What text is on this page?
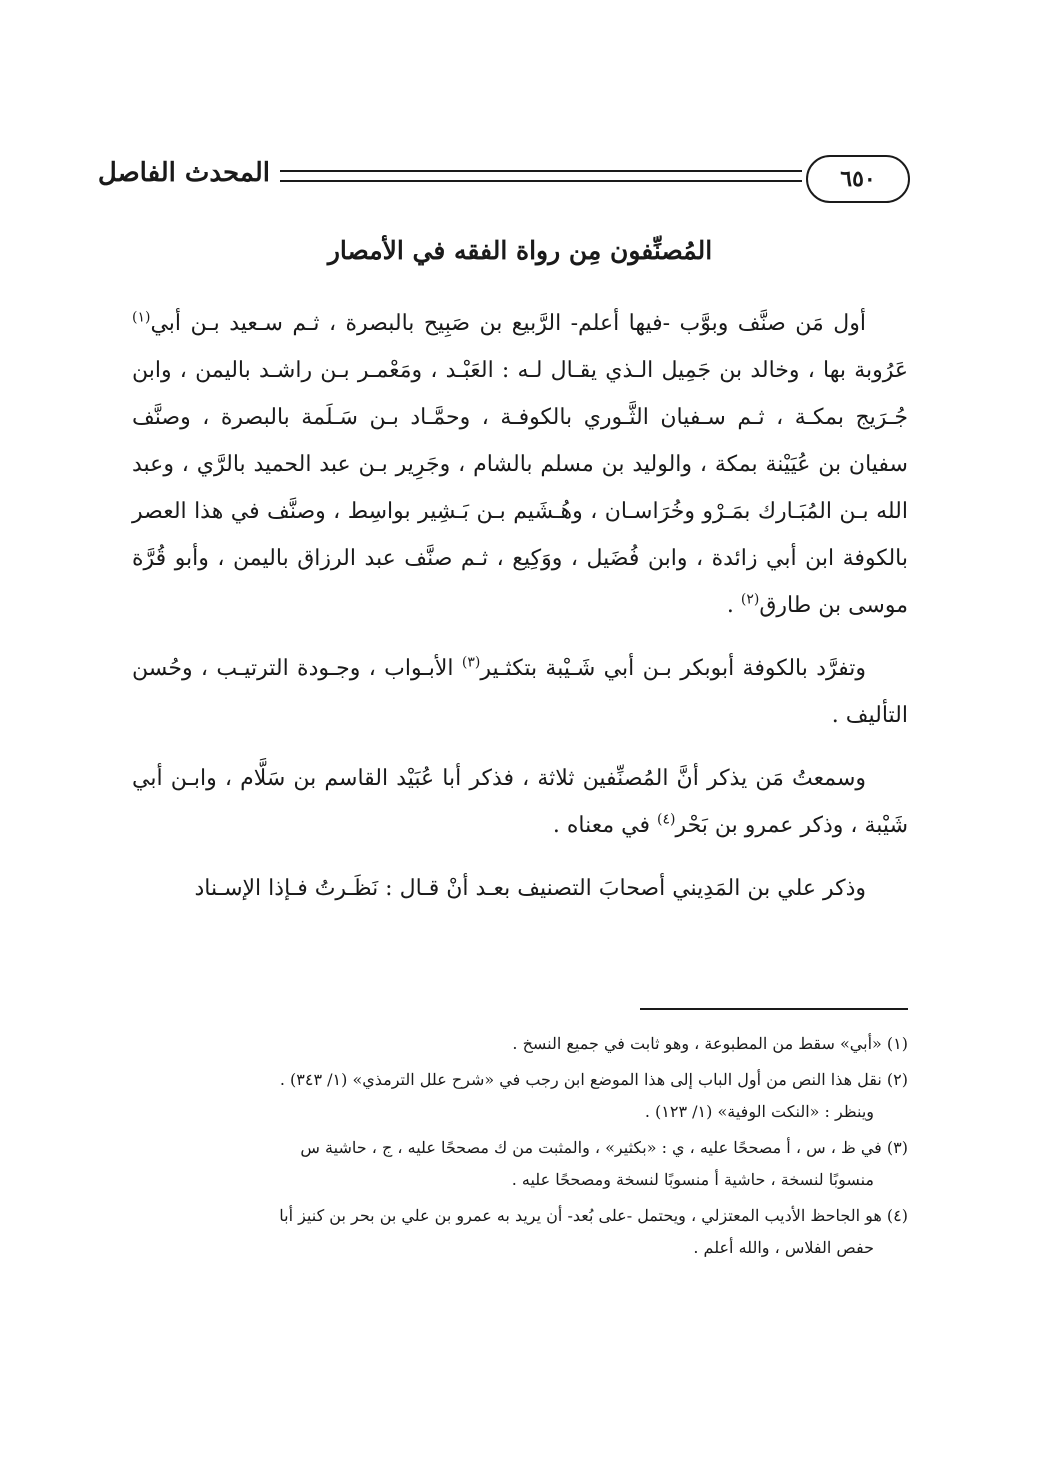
٦٥٠
المحدث الفاصل
المُصنِّفون مِن رواة الفقه في الأمصار

أول مَن صنَّف وبوَّب -فيها أعلم- الرَّبيع بن صَبِيح بالبصرة ، ثـم سـعيد بـن أبي$^{(١)}$ عَرُوبة بها ، وخالد بن جَمِيل الـذي يقـال لـه : العَبْـد ، ومَعْمـر بـن راشـد باليمن ، وابن جُـرَيج بمكـة ، ثـم سـفيان الثَّـوري بالكوفـة ، وحمَّـاد بـن سَـلَمة بالبصرة ، وصنَّف سفيان بن عُيَيْنة بمكة ، والوليد بن مسلم بالشام ، وجَرِير بـن عبد الحميد بالرَّي ، وعبد الله بـن المُبَـارك بمَـرْو وخُرَاسـان ، وهُـشَيم بـن بَـشِير بواسِط ، وصنَّف في هذا العصر بالكوفة ابن أبي زائدة ، وابن فُضَيل ، ووَكِيع ، ثـم صنَّف عبد الرزاق باليمن ، وأبو قُرَّة موسى بن طارق$^{(٢)}$ .

وتفرَّد بالكوفة أبوبكر بـن أبي شَـيْبة بتكثـير$^{(٣)}$ الأبـواب ، وجـودة الترتيـب ، وحُسن التأليف .

وسمعتُ مَن يذكر أنَّ المُصنِّفين ثلاثة ، فذكر أبا عُبَيْد القاسم بن سَلَّام ، وابـن أبي شَيْبة ، وذكر عمرو بن بَحْر$^{(٤)}$ في معناه .

وذكر علي بن المَدِيني أصحابَ التصنيف بعـد أنْ قـال : نَظَـرتُ فـإذا الإسـناد

(١) «أبي» سقط من المطبوعة ، وهو ثابت في جميع النسخ .
(٢) نقل هذا النص من أول الباب إلى هذا الموضع ابن رجب في «شرح علل الترمذي» (١/ ٣٤٣) .
وينظر : «النكت الوفية» (١/ ١٢٣) .
(٣) في ظ ، س ، أ مصححًا عليه ، ي : «بكثير» ، والمثبت من ك مصححًا عليه ، ج ، حاشية س
منسوبًا لنسخة ، حاشية أ منسوبًا لنسخة ومصححًا عليه .
(٤) هو الجاحظ الأديب المعتزلي ، ويحتمل -على بُعد- أن يريد به عمرو بن علي بن بحر بن كنيز أبا
حفص الفلاس ، والله أعلم .
